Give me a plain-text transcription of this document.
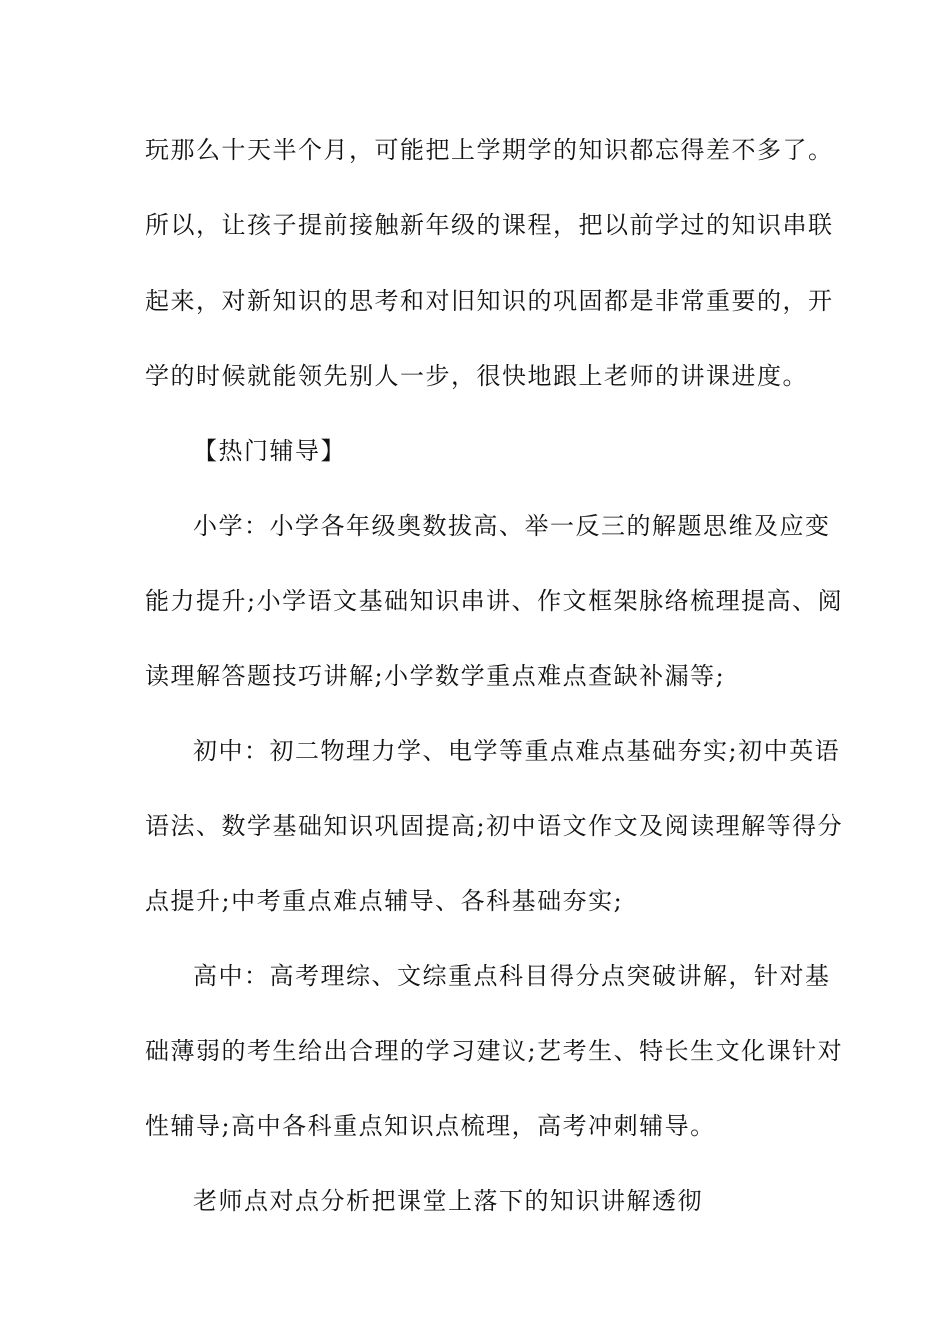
玩那么十天半个月，可能把上学期学的知识都忘得差不多了。
所以，让孩子提前接触新年级的课程，把以前学过的知识串联
起来，对新知识的思考和对旧知识的巩固都是非常重要的，开
学的时候就能领先别人一步，很快地跟上老师的讲课进度。
【热门辅导】
小学：小学各年级奥数拔高、举一反三的解题思维及应变
能力提升;小学语文基础知识串讲、作文框架脉络梳理提高、阅
读理解答题技巧讲解;小学数学重点难点查缺补漏等;
初中：初二物理力学、电学等重点难点基础夯实;初中英语
语法、数学基础知识巩固提高;初中语文作文及阅读理解等得分
点提升;中考重点难点辅导、各科基础夯实;
高中：高考理综、文综重点科目得分点突破讲解，针对基
础薄弱的考生给出合理的学习建议;艺考生、特长生文化课针对
性辅导;高中各科重点知识点梳理，高考冲刺辅导。
老师点对点分析把课堂上落下的知识讲解透彻
